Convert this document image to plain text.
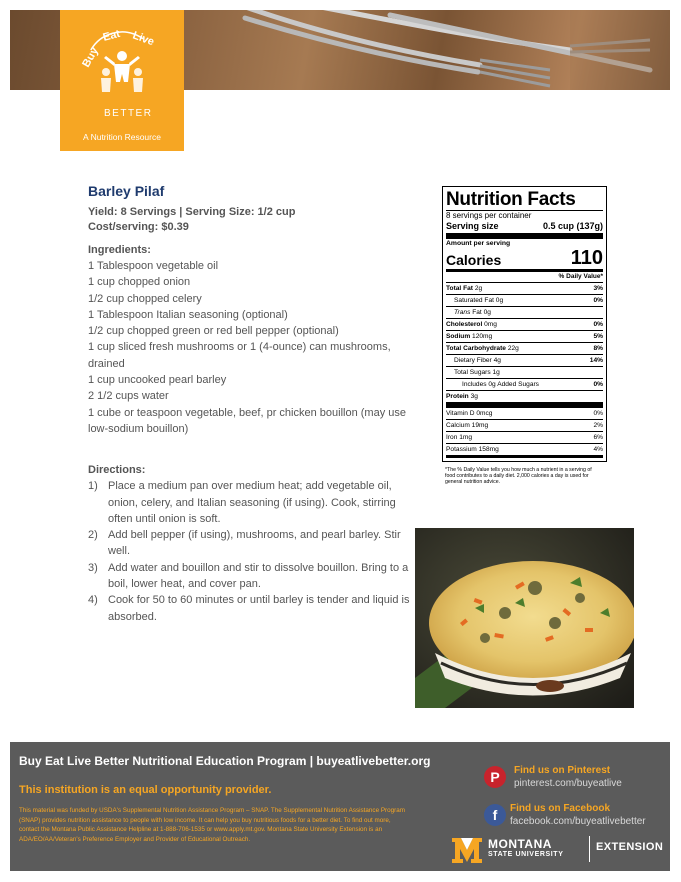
Buy
Eat Live
BETTER
A Nutrition Resource
Barley Pilaf
Yield: 8 Servings | Serving Size: 1/2 cup
Cost/serving: $0.39
Ingredients:
1 Tablespoon vegetable oil
1 cup chopped onion
1/2 cup chopped celery
1 Tablespoon Italian seasoning (optional)
1/2 cup chopped green or red bell pepper (optional)
1 cup sliced fresh mushrooms or 1 (4-ounce) can mushrooms, drained
1 cup uncooked pearl barley
2 1/2 cups water
1 cube or teaspoon vegetable, beef, pr chicken bouillon (may use low-sodium bouillon)
Directions:
1) Place a medium pan over medium heat; add vegetable oil, onion, celery, and Italian seasoning (if using). Cook, stirring often until onion is soft.
2) Add bell pepper (if using), mushrooms, and pearl barley. Stir well.
3) Add water and bouillon and stir to dissolve bouillon. Bring to a boil, lower heat, and cover pan.
4) Cook for 50 to 60 minutes or until barley is tender and liquid is absorbed.
Nutrition Facts
8 servings per container
Serving size	0.5 cup (137g)
Amount per serving
Calories	110
% Daily Value*
Total Fat 2g	3%
Saturated Fat 0g	0%
Trans Fat 0g
Cholesterol 0mg	0%
Sodium 120mg	5%
Total Carbohydrate 22g	8%
Dietary Fiber 4g	14%
Total Sugars 1g
Includes 0g Added Sugars	0%
Protein 3g
Vitamin D 0mcg	0%
Calcium 19mg	2%
Iron 1mg	6%
Potassium 158mg	4%
*The % Daily Value tells you how much a nutrient in a serving of food contributes to a daily diet. 2,000 calories a day is used for general nutrition advice.
Buy Eat Live Better Nutritional Education Program | buyeatlivebetter.org
This institution is an equal opportunity provider.
This material was funded by USDA's Supplemental Nutrition Assistance Program – SNAP. The Supplemental Nutrition Assistance Program (SNAP) provides nutrition assistance to people with low income. It can help you buy nutritious foods for a better diet. To find out more, contact the Montana Public Assistance Helpline at 1-888-706-1535 or www.apply.mt.gov. Montana State University Extension is an ADA/EO/AA/Veteran's Preference Employer and Provider of Educational Outreach.
P	Find us on Pinterest
pinterest.com/buyeatlive
f	Find us on Facebook
facebook.com/buyeatlivebetter
MONTANA
STATE UNIVERSITY
EXTENSION
